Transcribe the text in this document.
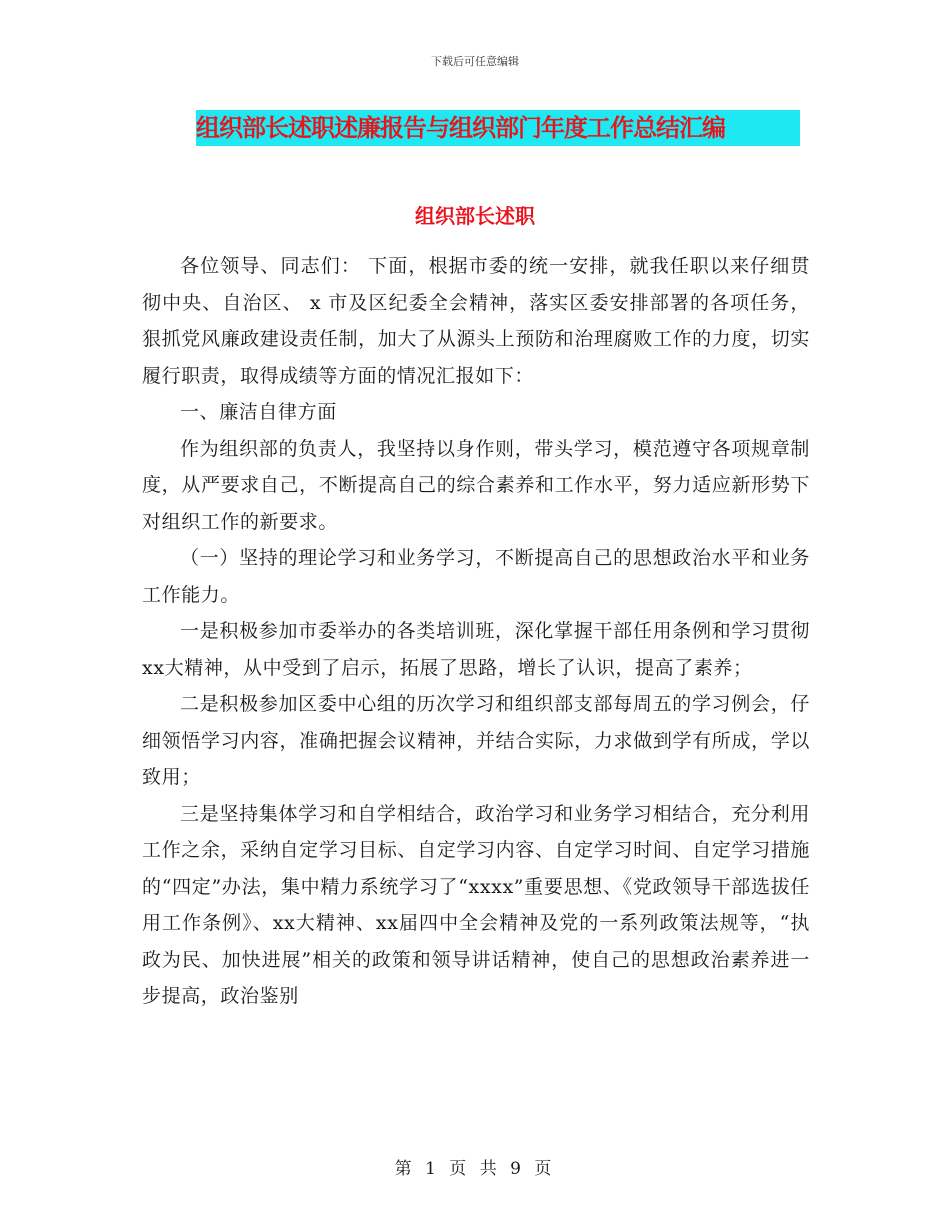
下载后可任意编辑
组织部长述职述廉报告与组织部门年度工作总结汇编
组织部长述职

各位领导、同志们： 下面，根据市委的统一安排，就我任职以来仔细贯彻中央、自治区、 x 市及区纪委全会精神，落实区委安排部署的各项任务，狠抓党风廉政建设责任制，加大了从源头上预防和治理腐败工作的力度，切实履行职责，取得成绩等方面的情况汇报如下：

一、廉洁自律方面

作为组织部的负责人，我坚持以身作则，带头学习，模范遵守各项规章制度，从严要求自己，不断提高自己的综合素养和工作水平，努力适应新形势下对组织工作的新要求。

（一）坚持的理论学习和业务学习，不断提高自己的思想政治水平和业务工作能力。

一是积极参加市委举办的各类培训班，深化掌握干部任用条例和学习贯彻xx大精神，从中受到了启示，拓展了思路，增长了认识，提高了素养；

二是积极参加区委中心组的历次学习和组织部支部每周五的学习例会，仔细领悟学习内容，准确把握会议精神，并结合实际，力求做到学有所成，学以致用；

三是坚持集体学习和自学相结合，政治学习和业务学习相结合，充分利用工作之余，采纳自定学习目标、自定学习内容、自定学习时间、自定学习措施的“四定”办法，集中精力系统学习了“xxxx”重要思想、《党政领导干部选拔任用工作条例》、xx大精神、xx届四中全会精神及党的一系列政策法规等，“执政为民、加快进展”相关的政策和领导讲话精神，使自己的思想政治素养进一步提高，政治鉴别

第 1 页 共 9 页
